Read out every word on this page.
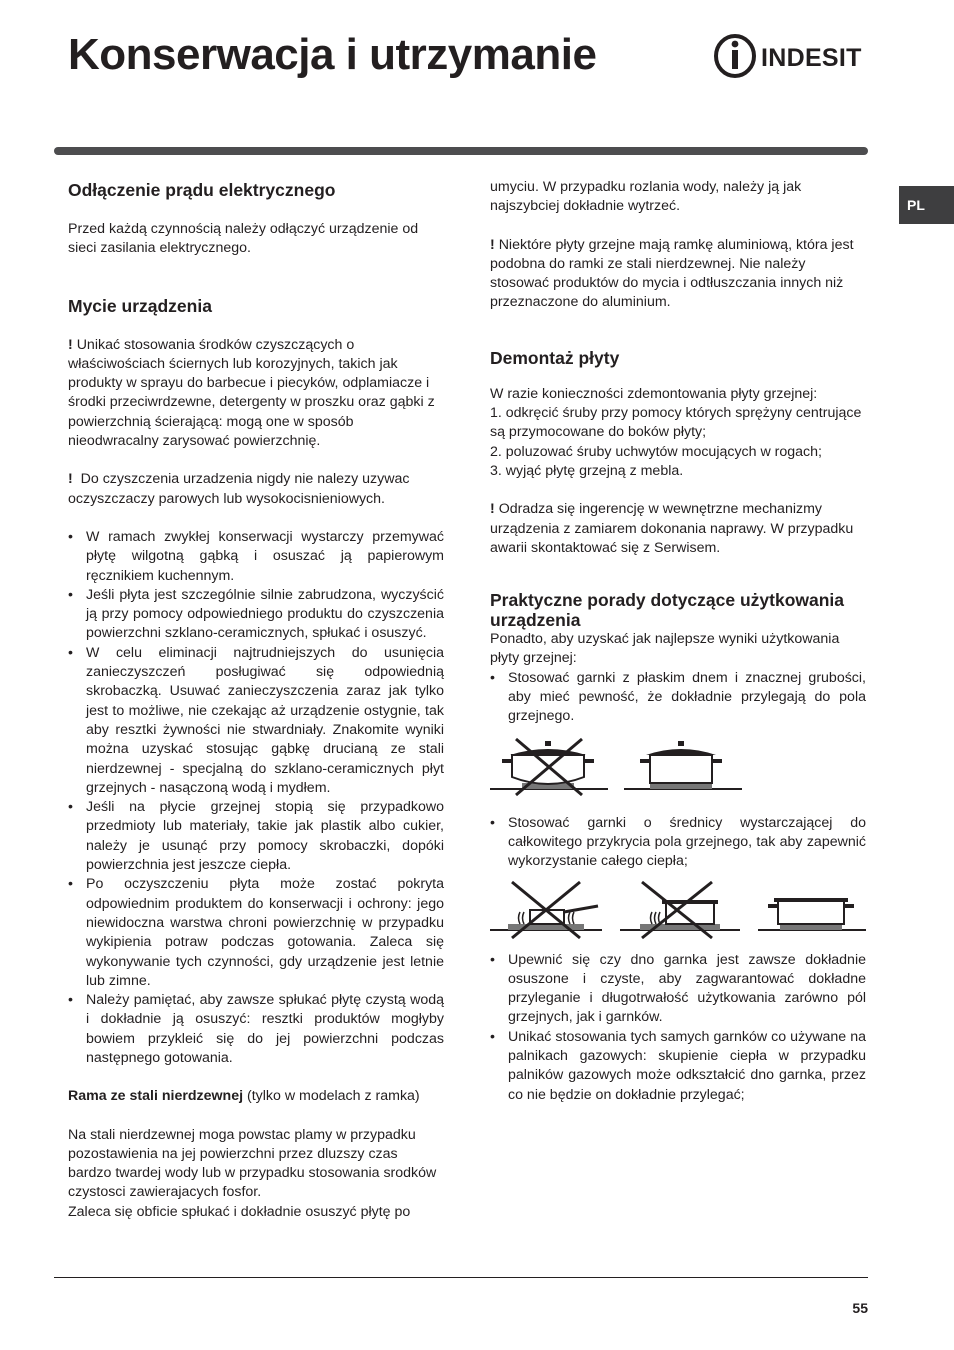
Konserwacja i utrzymanie	INDESIT
PL
Odłączenie prądu elektrycznego

Przed każdą czynnością należy odłączyć urządzenie od sieci zasilania elektrycznego.

Mycie urządzenia

! Unikać stosowania środków czyszczących o właściwościach ściernych lub korozyjnych, takich jak produkty w sprayu do barbecue i piecyków, odplamiacze i środki przeciwrdzewne, detergenty w proszku oraz gąbki z powierzchnią ścierającą: mogą one w sposób nieodwracalny zarysować powierzchnię.

! Do czyszczenia urzadzenia nigdy nie nalezy uzywac oczyszczaczy parowych lub wysokocisnieniowych.

• W ramach zwykłej konserwacji wystarczy przemywać płytę wilgotną gąbką i osuszać ją papierowym ręcznikiem kuchennym.
• Jeśli płyta jest szczególnie silnie zabrudzona, wyczyścić ją przy pomocy odpowiedniego produktu do czyszczenia powierzchni szklano-ceramicznych, spłukać i osuszyć.
• W celu eliminacji najtrudniejszych do usunięcia zanieczyszczeń posługiwać się odpowiednią skrobaczką. Usuwać zanieczyszczenia zaraz jak tylko jest to możliwe, nie czekając aż urządzenie ostygnie, tak aby resztki żywności nie stwardniały. Znakomite wyniki można uzyskać stosując gąbkę drucianą ze stali nierdzewnej - specjalną do szklano-ceramicznych płyt grzejnych - nasączoną wodą i mydłem.
• Jeśli na płycie grzejnej stopią się przypadkowo przedmioty lub materiały, takie jak plastik albo cukier, należy je usunąć przy pomocy skrobaczki, dopóki powierzchnia jest jeszcze ciepła.
• Po oczyszczeniu płyta może zostać pokryta odpowiednim produktem do konserwacji i ochrony: jego niewidoczna warstwa chroni powierzchnię w przypadku wykipienia potraw podczas gotowania. Zaleca się wykonywanie tych czynności, gdy urządzenie jest letnie lub zimne.
• Należy pamiętać, aby zawsze spłukać płytę czystą wodą i dokładnie ją osuszyć: resztki produktów mogłyby bowiem przykleić się do jej powierzchni podczas następnego gotowania.

Rama ze stali nierdzewnej (tylko w modelach z ramka)

Na stali nierdzewnej moga powstac plamy w przypadku pozostawienia na jej powierzchni przez dluzszy czas bardzo twardej wody lub w przypadku stosowania srodków czystosci zawierajacych fosfor.

Zaleca się obficie spłukać i dokładnie osuszyć płytę po

umyciu. W przypadku rozlania wody, należy ją jak najszybciej dokładnie wytrzeć.

! Niektóre płyty grzejne mają ramkę aluminiową, która jest podobna do ramki ze stali nierdzewnej. Nie należy stosować produktów do mycia i odtłuszczania innych niż przeznaczone do aluminium.

Demontaż płyty

W razie konieczności zdemontowania płyty grzejnej:

1. odkręcić śruby przy pomocy których sprężyny centrujące są przymocowane do boków płyty;

2. poluzować śruby uchwytów mocujących w rogach;

3. wyjąć płytę grzejną z mebla.

! Odradza się ingerencję w wewnętrzne mechanizmy urządzenia z zamiarem dokonania naprawy. W przypadku awarii skontaktować się z Serwisem.

Praktyczne porady dotyczące użytkowania urządzenia

Ponadto, aby uzyskać jak najlepsze wyniki użytkowania płyty grzejnej:

• Stosować garnki z płaskim dnem i znacznej grubości, aby mieć pewność, że dokładnie przylegają do pola grzejnego.
• Stosować garnki o średnicy wystarczającej do całkowitego przykrycia pola grzejnego, tak aby zapewnić wykorzystanie całego ciepła;
• Upewnić się czy dno garnka jest zawsze dokładnie osuszone i czyste, aby zagwarantować dokładne przyleganie i długotrwałość użytkowania zarówno pól grzejnych, jak i garnków.
• Unikać stosowania tych samych garnków co używane na palnikach gazowych: skupienie ciepła w przypadku palników gazowych może odkształcić dno garnka, przez co nie będzie on dokładnie przylegać;
55
